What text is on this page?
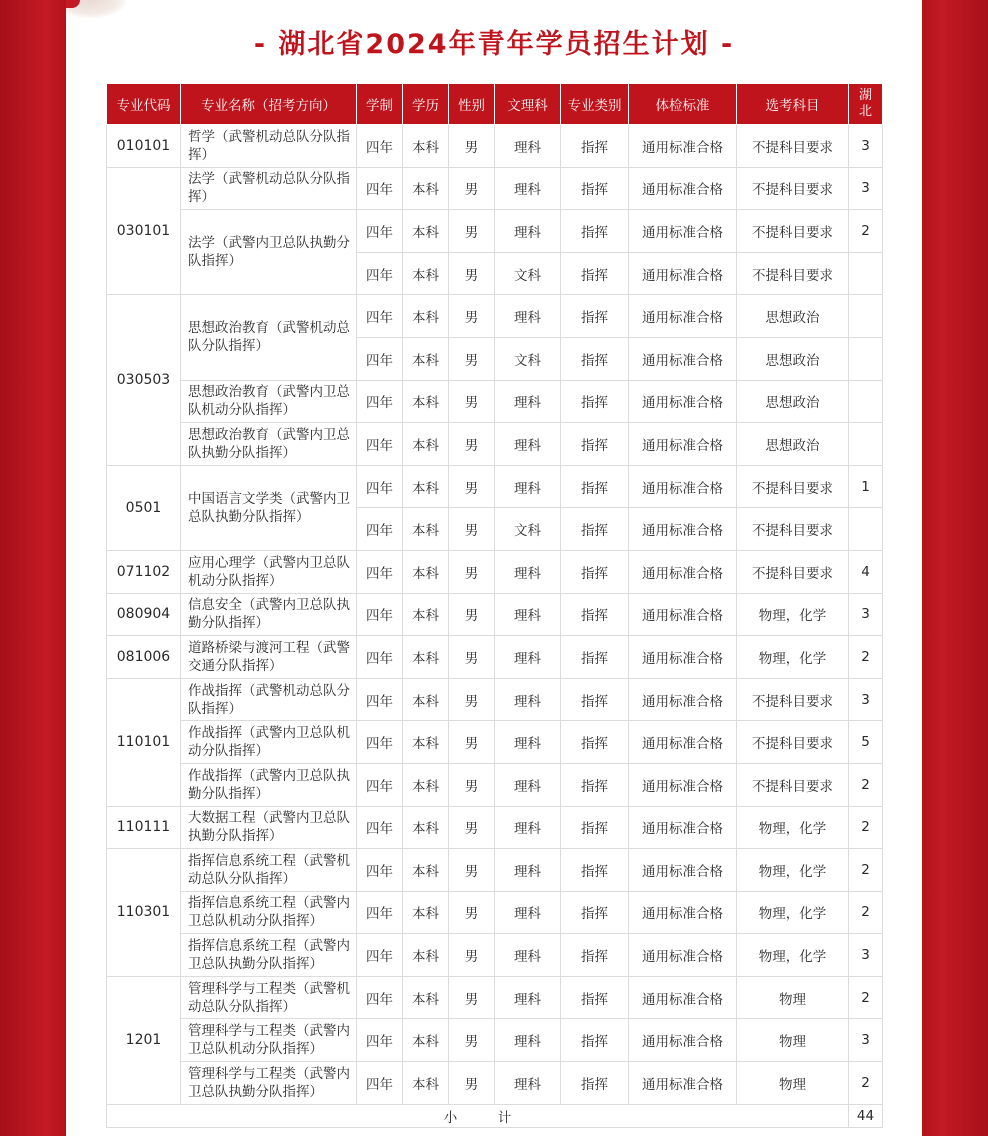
- 湖北省2024年青年学员招生计划 -
专业代码	专业名称（招考方向）	学制	学历	性别	文理科	专业类别	体检标准	选考科目	湖
北
010101	哲学（武警机动总队分队指挥）	四年	本科	男	理科	指挥	通用标准合格	不提科目要求	3
030101	法学（武警机动总队分队指挥）	四年	本科	男	理科	指挥	通用标准合格	不提科目要求	3
	法学（武警内卫总队执勤分队指挥）	四年	本科	男	理科	指挥	通用标准合格	不提科目要求	2
		四年	本科	男	文科	指挥	通用标准合格	不提科目要求	
030503	思想政治教育（武警机动总队分队指挥）	四年	本科	男	理科	指挥	通用标准合格	思想政治	
		四年	本科	男	文科	指挥	通用标准合格	思想政治	
	思想政治教育（武警内卫总队机动分队指挥）	四年	本科	男	理科	指挥	通用标准合格	思想政治	
	思想政治教育（武警内卫总队执勤分队指挥）	四年	本科	男	理科	指挥	通用标准合格	思想政治	
0501	中国语言文学类（武警内卫总队执勤分队指挥）	四年	本科	男	理科	指挥	通用标准合格	不提科目要求	1
		四年	本科	男	文科	指挥	通用标准合格	不提科目要求	
071102	应用心理学（武警内卫总队机动分队指挥）	四年	本科	男	理科	指挥	通用标准合格	不提科目要求	4
080904	信息安全（武警内卫总队执勤分队指挥）	四年	本科	男	理科	指挥	通用标准合格	物理，化学	3
081006	道路桥梁与渡河工程（武警交通分队指挥）	四年	本科	男	理科	指挥	通用标准合格	物理，化学	2
110101	作战指挥（武警机动总队分队指挥）	四年	本科	男	理科	指挥	通用标准合格	不提科目要求	3
	作战指挥（武警内卫总队机动分队指挥）	四年	本科	男	理科	指挥	通用标准合格	不提科目要求	5
	作战指挥（武警内卫总队执勤分队指挥）	四年	本科	男	理科	指挥	通用标准合格	不提科目要求	2
110111	大数据工程（武警内卫总队执勤分队指挥）	四年	本科	男	理科	指挥	通用标准合格	物理，化学	2
110301	指挥信息系统工程（武警机动总队分队指挥）	四年	本科	男	理科	指挥	通用标准合格	物理，化学	2
	指挥信息系统工程（武警内卫总队机动分队指挥）	四年	本科	男	理科	指挥	通用标准合格	物理，化学	2
	指挥信息系统工程（武警内卫总队执勤分队指挥）	四年	本科	男	理科	指挥	通用标准合格	物理，化学	3
1201	管理科学与工程类（武警机动总队分队指挥）	四年	本科	男	理科	指挥	通用标准合格	物理	2
	管理科学与工程类（武警内卫总队机动分队指挥）	四年	本科	男	理科	指挥	通用标准合格	物理	3
	管理科学与工程类（武警内卫总队执勤分队指挥）	四年	本科	男	理科	指挥	通用标准合格	物理	2
小　　　计									44
